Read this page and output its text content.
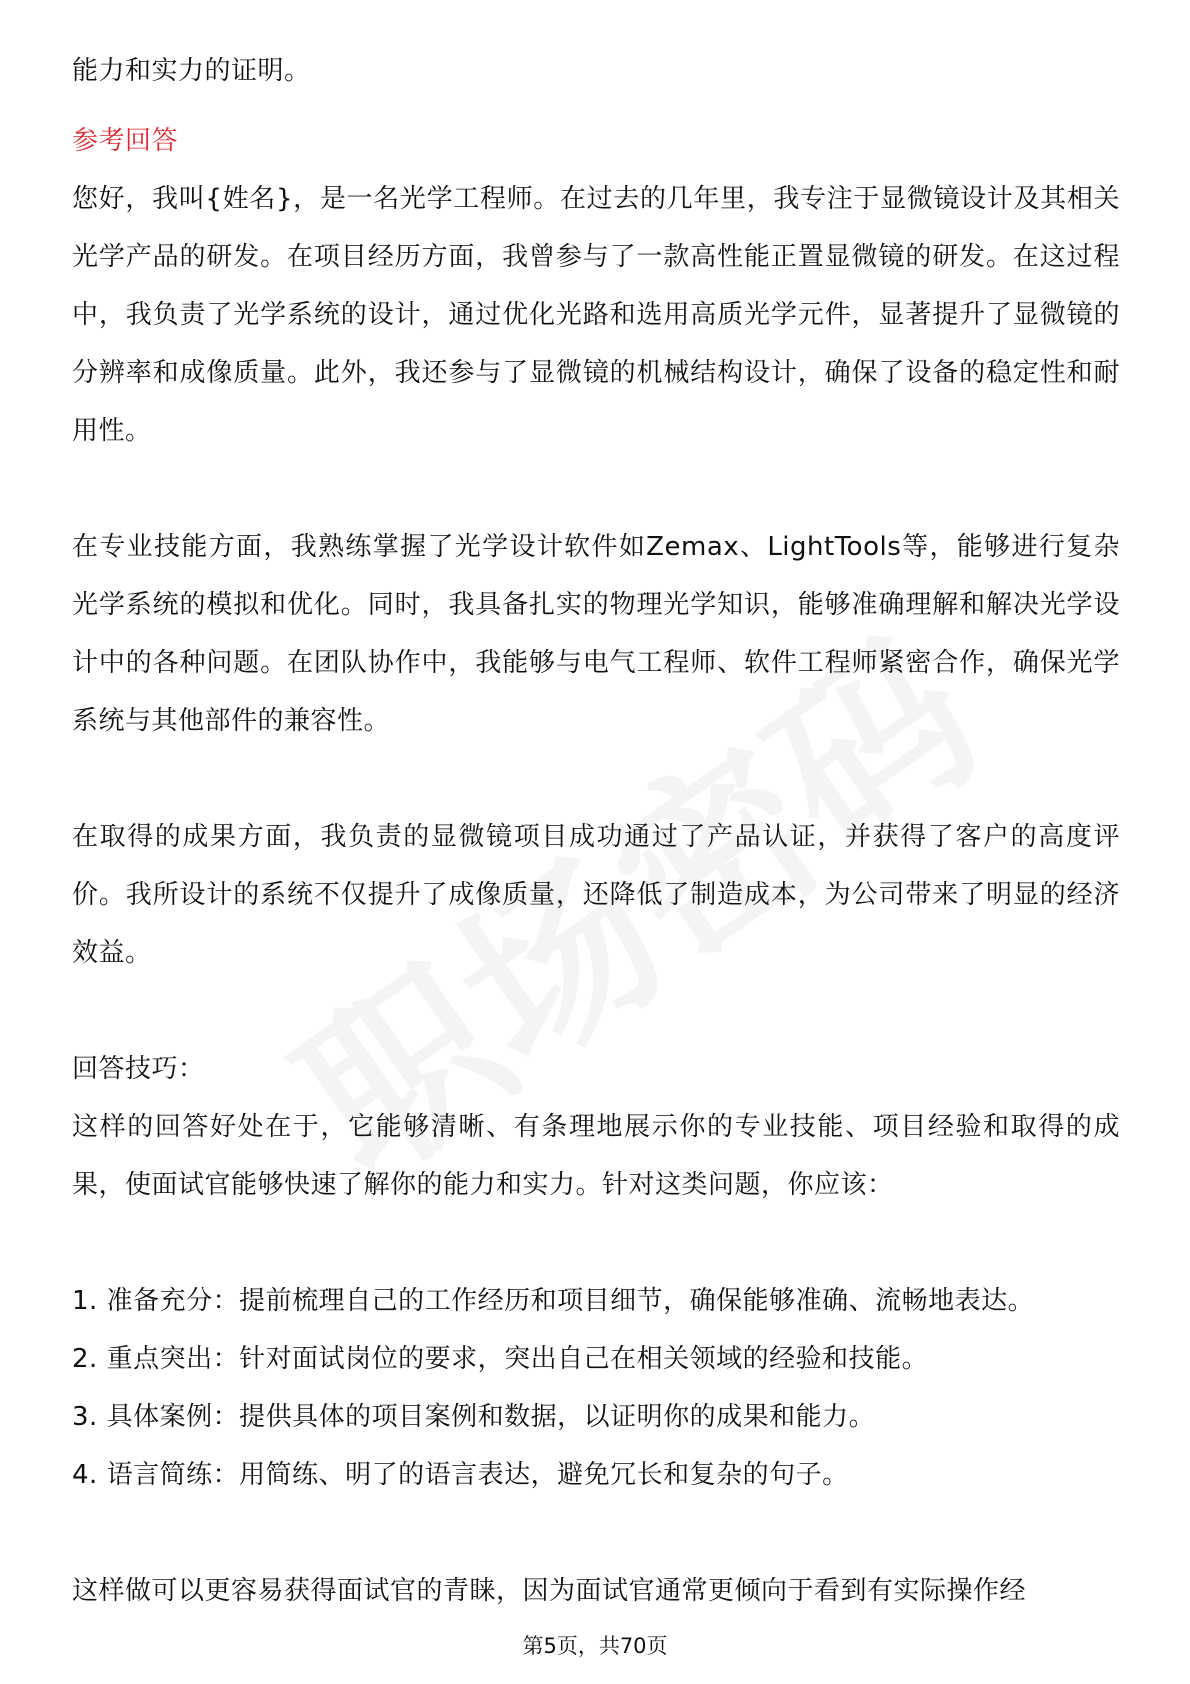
能力和实力的证明。

参考回答

您好，我叫{姓名}，是一名光学工程师。在过去的几年里，我专注于显微镜设计及其相关光学产品的研发。在项目经历方面，我曾参与了一款高性能正置显微镜的研发。在这过程中，我负责了光学系统的设计，通过优化光路和选用高质光学元件，显著提升了显微镜的分辨率和成像质量。此外，我还参与了显微镜的机械结构设计，确保了设备的稳定性和耐用性。

在专业技能方面，我熟练掌握了光学设计软件如Zemax、LightTools等，能够进行复杂光学系统的模拟和优化。同时，我具备扎实的物理光学知识，能够准确理解和解决光学设计中的各种问题。在团队协作中，我能够与电气工程师、软件工程师紧密合作，确保光学系统与其他部件的兼容性。

在取得的成果方面，我负责的显微镜项目成功通过了产品认证，并获得了客户的高度评价。我所设计的系统不仅提升了成像质量，还降低了制造成本，为公司带来了明显的经济效益。

回答技巧：

这样的回答好处在于，它能够清晰、有条理地展示你的专业技能、项目经验和取得的成果，使面试官能够快速了解你的能力和实力。针对这类问题，你应该：

1. 准备充分：提前梳理自己的工作经历和项目细节，确保能够准确、流畅地表达。

2. 重点突出：针对面试岗位的要求，突出自己在相关领域的经验和技能。

3. 具体案例：提供具体的项目案例和数据，以证明你的成果和能力。

4. 语言简练：用简练、明了的语言表达，避免冗长和复杂的句子。

这样做可以更容易获得面试官的青睐，因为面试官通常更倾向于看到有实际操作经

第5页，共70页
